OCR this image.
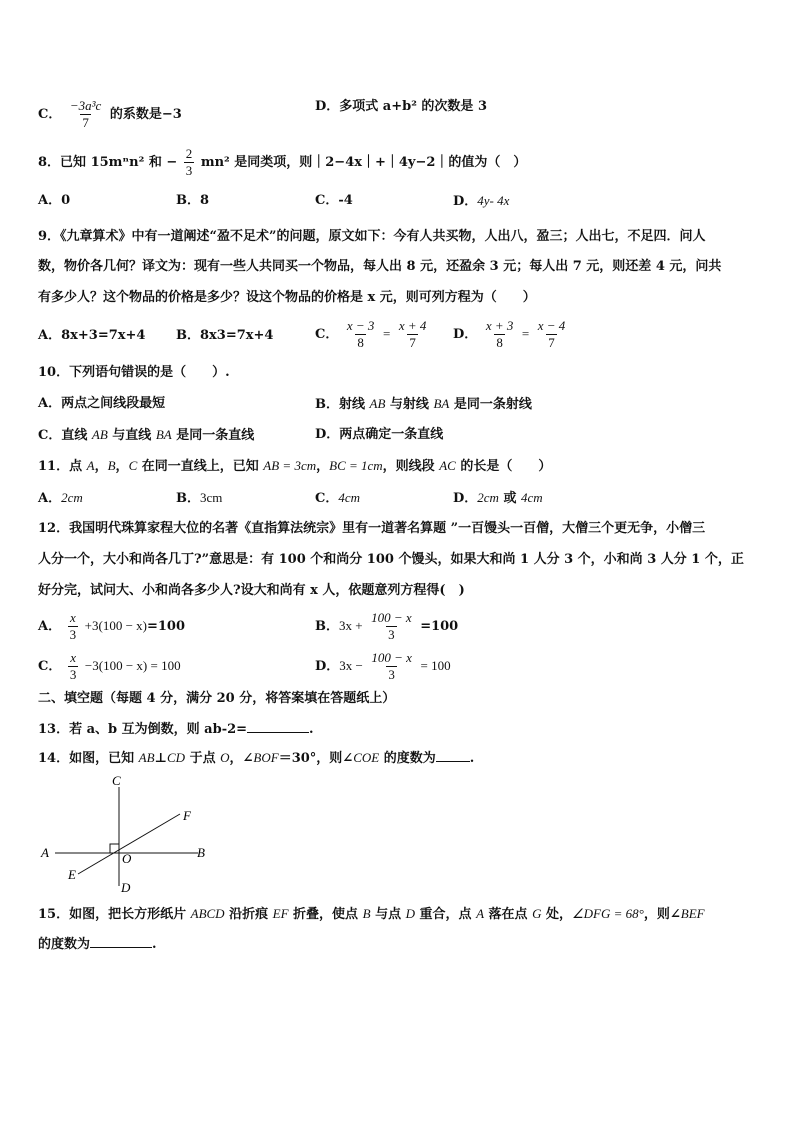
C． $\frac{\text{−3a³c}}{7}$ 的系数是−3
D．多项式 a+b² 的次数是 3
8．已知 15mⁿn² 和 − $\frac{2}{3} mn^2$ 是同类项，则｜2−4x｜+｜4y−2｜的值为（　）
A．0	B．8	C．-4	D．4y- 4x
9．《九章算术》中有一道阐述“盈不足术”的问题，原文如下：今有人共买物，人出八，盈三；人出七，不足四．问人
数，物价各几何？译文为：现有一些人共同买一个物品，每人出 8 元，还盈余 3 元；每人出 7 元，则还差 4 元，问共
有多少人？这个物品的价格是多少？设这个物品的价格是 x 元，则可列方程为（　　）
A．8x+3=7x+4 B．8x3=7x+4	C． $\frac{x - 3}{8} = \frac{x + 4}{7}$ D． $\frac{x + 3}{8} = \frac{x - 4}{7}$
10．下列语句错误的是（　　）.
A．两点之间线段最短	B．射线 AB 与射线 BA 是同一条射线
C．直线 AB 与直线 BA 是同一条直线	D．两点确定一条直线
11．点 A，B，C 在同一直线上，已知 AB = 3cm，BC = 1cm，则线段 AC 的长是（　　）
A．2cm	B．3cm	C．4cm	D．2cm 或 4cm
12．我国明代珠算家程大位的名著《直指算法统宗》里有一道著名算题 ”一百馒头一百僧，大僧三个更无争，小僧三
人分一个，大小和尚各几丁?”意思是：有 100 个和尚分 100 个馒头，如果大和尚 1 人分 3 个，小和尚 3 人分 1 个，正
好分完，试问大、小和尚各多少人?设大和尚有 x 人，依题意列方程得(　)
A． $\frac{x}{3} +3(100 - x)=100$	B．$3x + \frac{100 - x}{3} =100$
C． $\frac{x}{3} -3(100 - x) = 100$	D．$3x - \frac{100 - x}{3} = 100$
二、填空题（每题 4 分，满分 20 分，将答案填在答题纸上）
13．若 a、b 互为倒数，则 ab-2=	.
14．如图，已知 AB⊥CD 于点 O，∠BOF＝30°，则∠COE 的度数为	.
C
F
A	O	B
E
D
15．如图，把长方形纸片 ABCD 沿折痕 EF 折叠，使点 B 与点 D 重合，点 A 落在点 G 处，∠DFG = 68°，则∠BEF
的度数为	.
